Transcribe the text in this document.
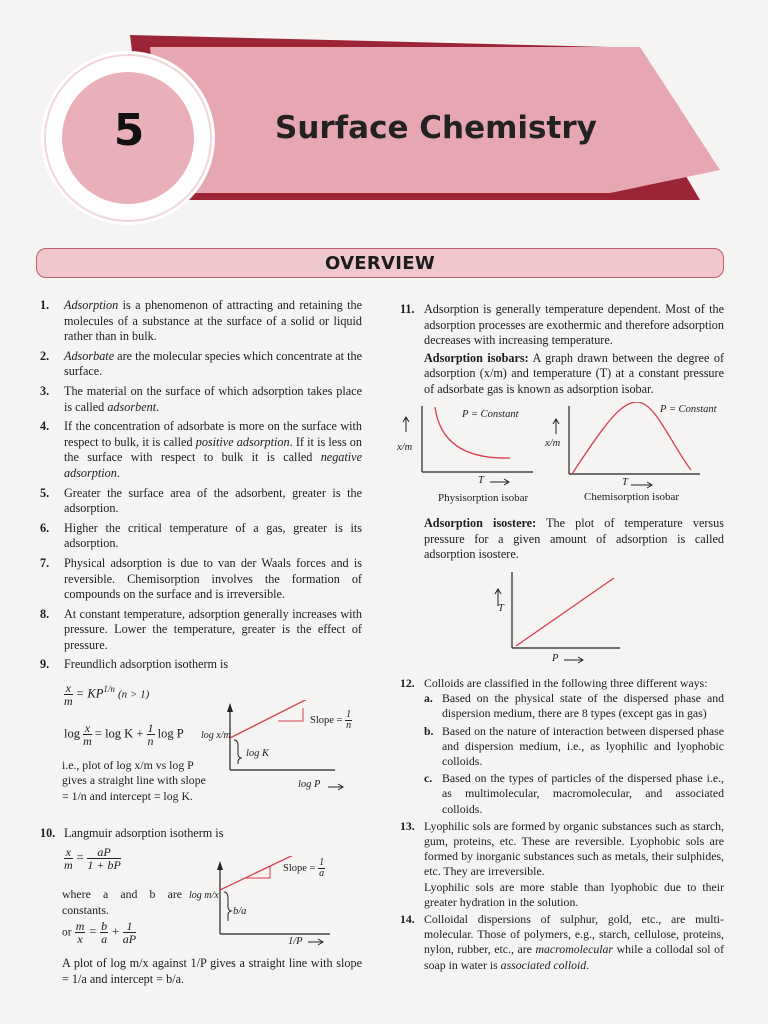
5	Surface Chemistry
OVERVIEW

1. Adsorption is a phenomenon of attracting and retaining the molecules of a substance at the surface of a solid or liquid rather than in bulk.

2. Adsorbate are the molecular species which concentrate at the surface.

3. The material on the surface of which adsorption takes place is called adsorbent.

4. If the concentration of adsorbate is more on the surface with respect to bulk, it is called positive adsorption. If it is less on the surface with respect to bulk it is called negative adsorption.

5. Greater the surface area of the adsorbent, greater is the adsorption.

6. Higher the critical temperature of a gas, greater is its adsorption.

7. Physical adsorption is due to van der Waals forces and is reversible. Chemisorption involves the formation of compounds on the surface and is irreversible.

8. At constant temperature, adsorption generally increases with pressure. Lower the temperature, greater is the effect of pressure.

9. Freundlich adsorption isotherm is

$\frac{x}{m} = KP^{1/n}$ (n > 1)
$\log \frac{x}{m} = \log K + \frac{1}{n}$ log P
i.e., plot of log x/m vs log P gives a straight line with slope = 1/n and intercept = log K.
log x/m
Slope = $\frac{1}{n}$
log K
log P

10. Langmuir adsorption isotherm is

$\frac{x}{m} = \frac{aP}{1 + bP}$
where a and b are constants.
or $\frac{m}{x} = \frac{b}{a} + \frac{1}{aP}$
A plot of log m/x against 1/P gives a straight line with slope = 1/a and intercept = b/a.
log m/x
Slope = $\frac{1}{a}$
b/a
1/P

11. Adsorption is generally temperature dependent. Most of the adsorption processes are exothermic and therefore adsorption decreases with increasing temperature.

Adsorption isobars: A graph drawn between the degree of adsorption (x/m) and temperature (T) at a constant pressure of adsorbate gas is known as adsorption isobar.

x/m
P = Constant
T
Physisorption isobar
x/m
P = Constant
T
Chemisorption isobar
Adsorption isostere: The plot of temperature versus pressure for a given amount of adsorption is called adsorption isostere.
T
P

12. Colloids are classified in the following three different ways:

a. Based on the physical state of the dispersed phase and dispersion medium, there are 8 types (except gas in gas)

b. Based on the nature of interaction between dispersed phase and dispersion medium, i.e., as lyophilic and lyophobic colloids.

c. Based on the types of particles of the dispersed phase i.e., as multimolecular, macromolecular, and associated colloids.

13. Lyophilic sols are formed by organic substances such as starch, gum, proteins, etc. These are reversible. Lyophobic sols are formed by inorganic substances such as metals, their sulphides, etc. They are irreversible.
Lyophilic sols are more stable than lyophobic due to their greater hydration in the solution.

14. Colloidal dispersions of sulphur, gold, etc., are multi-molecular. Those of polymers, e.g., starch, cellulose, proteins, nylon, rubber, etc., are macromolecular while a collodal sol of soap in water is associated colloid.
